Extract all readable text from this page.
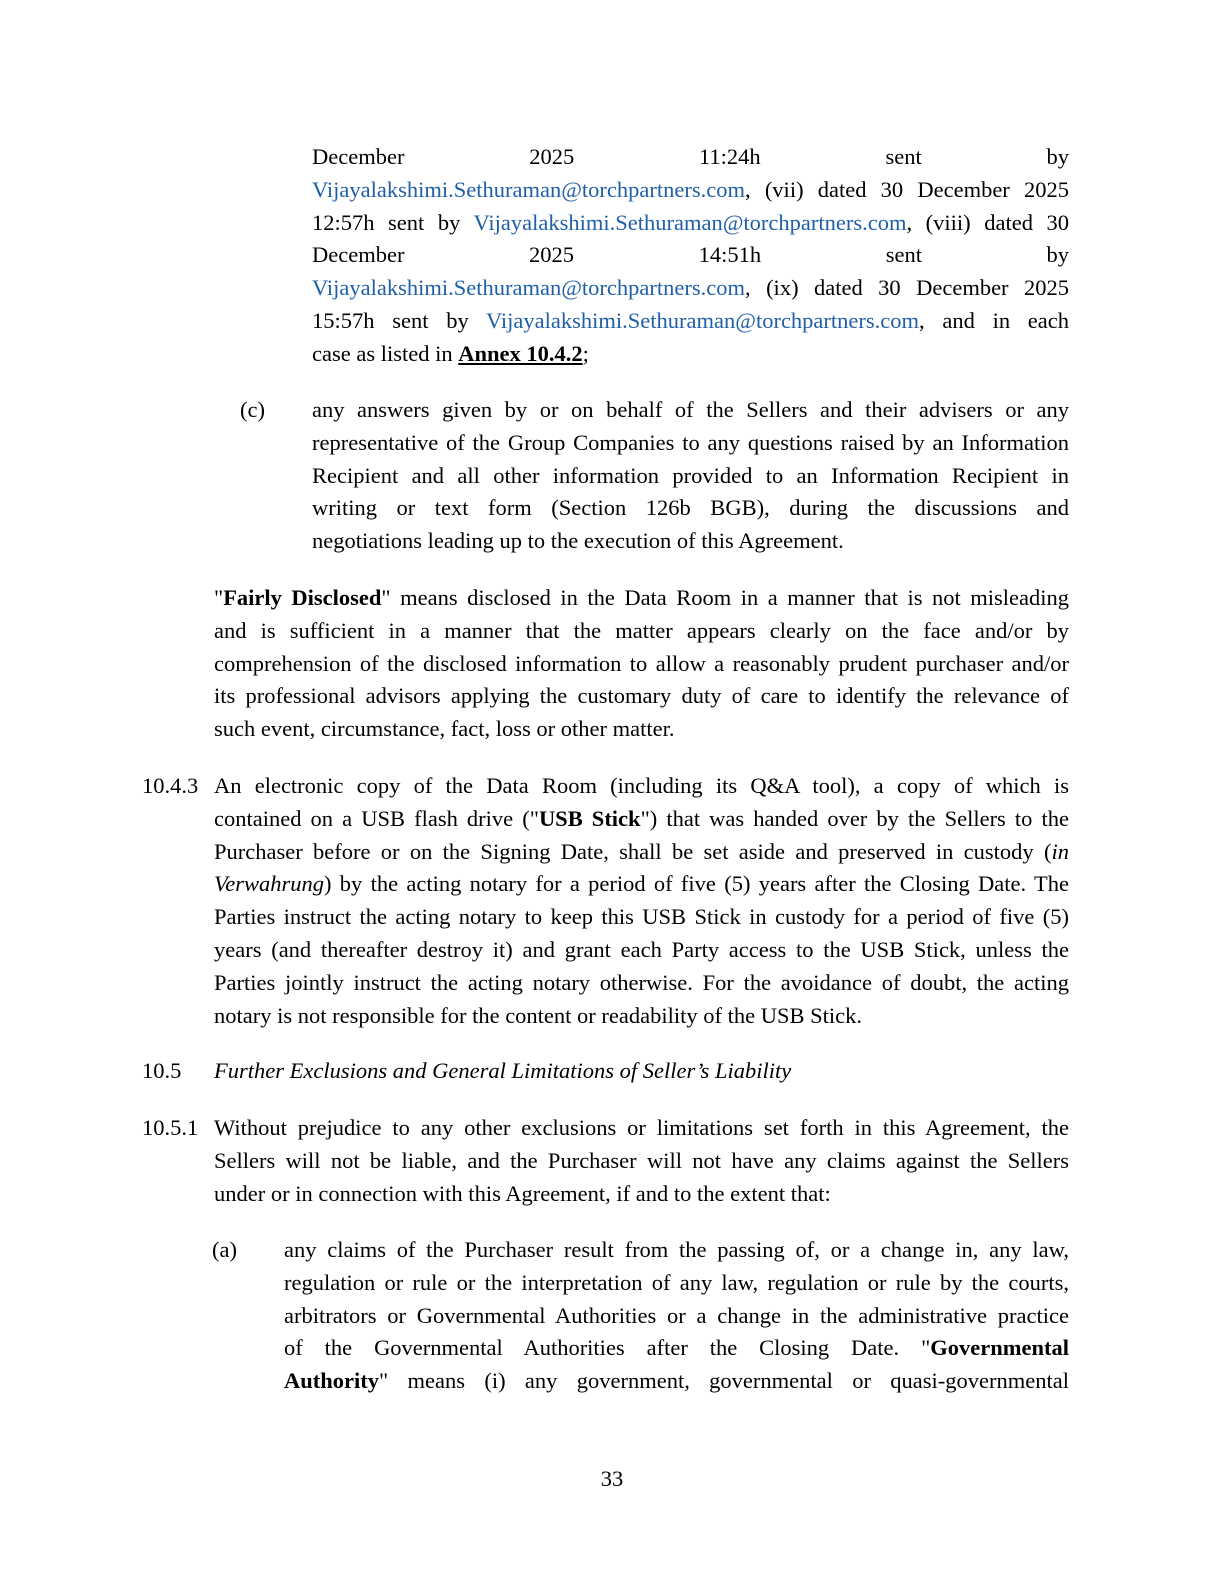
December	2025	11:24h	sent	by
Vijayalakshimi.Sethuraman@torchpartners.com, (vii) dated 30 December 2025
12:57h sent by Vijayalakshimi.Sethuraman@torchpartners.com, (viii) dated 30
December	2025	14:51h	sent	by
Vijayalakshimi.Sethuraman@torchpartners.com, (ix) dated 30 December 2025
15:57h sent by Vijayalakshimi.Sethuraman@torchpartners.com, and in each
case as listed in Annex 10.4.2;
(c) any answers given by or on behalf of the Sellers and their advisers or any
representative of the Group Companies to any questions raised by an Information
Recipient and all other information provided to an Information Recipient in
writing or text form (Section 126b BGB), during the discussions and
negotiations leading up to the execution of this Agreement.
"Fairly Disclosed" means disclosed in the Data Room in a manner that is not misleading
and is sufficient in a manner that the matter appears clearly on the face and/or by
comprehension of the disclosed information to allow a reasonably prudent purchaser and/or
its professional advisors applying the customary duty of care to identify the relevance of
such event, circumstance, fact, loss or other matter.
10.4.3 An electronic copy of the Data Room (including its Q&A tool), a copy of which is
contained on a USB flash drive ("USB Stick") that was handed over by the Sellers to the
Purchaser before or on the Signing Date, shall be set aside and preserved in custody (in
Verwahrung) by the acting notary for a period of five (5) years after the Closing Date. The
Parties instruct the acting notary to keep this USB Stick in custody for a period of five (5)
years (and thereafter destroy it) and grant each Party access to the USB Stick, unless the
Parties jointly instruct the acting notary otherwise. For the avoidance of doubt, the acting
notary is not responsible for the content or readability of the USB Stick.
10.5 Further Exclusions and General Limitations of Seller’s Liability
10.5.1 Without prejudice to any other exclusions or limitations set forth in this Agreement, the
Sellers will not be liable, and the Purchaser will not have any claims against the Sellers
under or in connection with this Agreement, if and to the extent that:
(a) any claims of the Purchaser result from the passing of, or a change in, any law,
regulation or rule or the interpretation of any law, regulation or rule by the courts,
arbitrators or Governmental Authorities or a change in the administrative practice
of the Governmental Authorities after the Closing Date. "Governmental
Authority" means (i) any government, governmental or quasi-governmental
33
